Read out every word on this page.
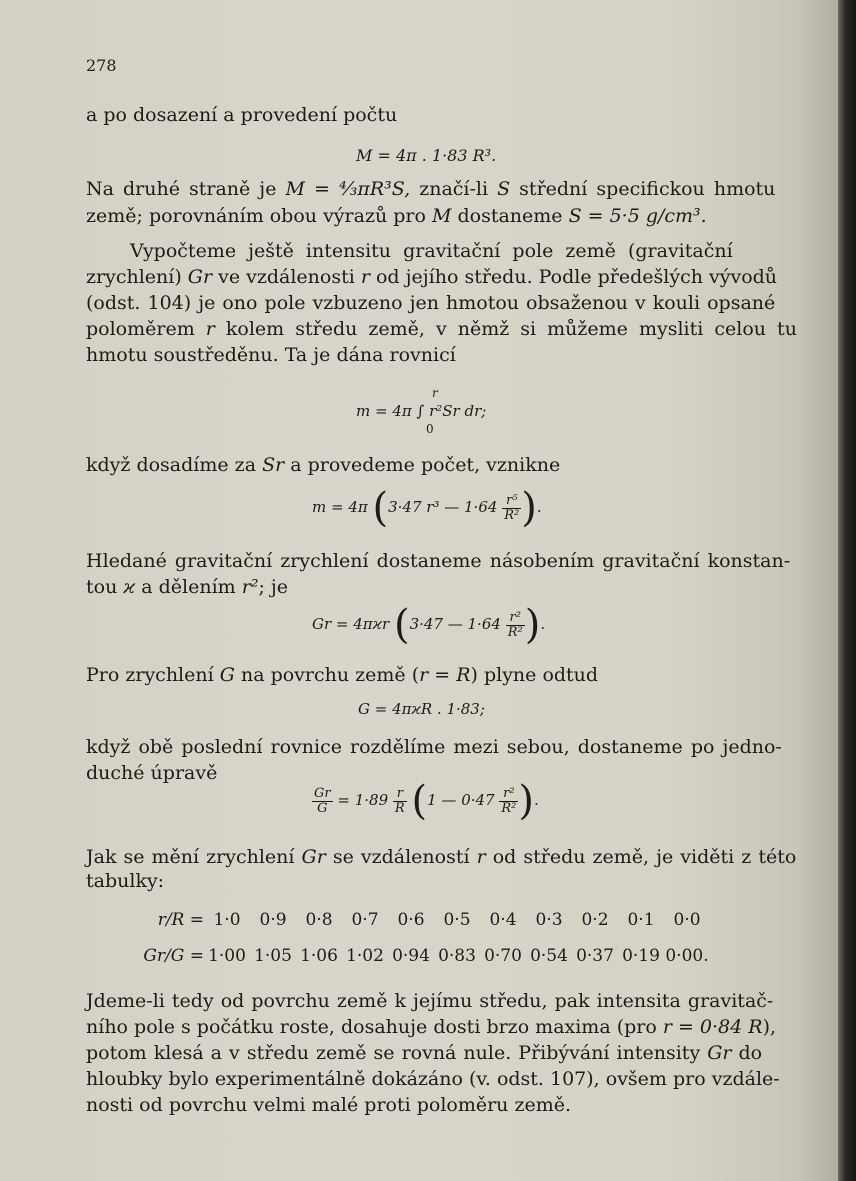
278
a po dosazení a provedení počtu
M = 4π . 1·83 R³.
Na druhé straně je M = ⁴⁄₃πR³S, značí-li S střední specifickou hmotu
země; porovnáním obou výrazů pro M dostaneme S = 5·5 g/cm³.
Vypočteme ještě intensitu gravitační pole země (gravitační
zrychlení) Gr ve vzdálenosti r od jejího středu. Podle předešlých vývodů
(odst. 104) je ono pole vzbuzeno jen hmotou obsaženou v kouli opsané
poloměrem r kolem středu země, v němž si můžeme mysliti celou tu
hmotu soustředěnu. Ta je dána rovnicí
r
m = 4π ∫ r²Sr dr;
0
když dosadíme za Sr a provedeme počet, vznikne
m = 4π (3·47 r³ — $1\cdot 64 \frac{\text{r⁵}}{\text{R²}}$ ).
Hledané gravitační zrychlení dostaneme násobením gravitační konstan-
tou ϰ a dělením r²; je
Gr = 4πϰr (3·47 — $1\cdot 64 \frac{\text{r²}}{\text{R²}}$ ).
Pro zrychlení G na povrchu země (r = R) plyne odtud
G = 4πϰR . 1·83;
když obě poslední rovnice rozdělíme mezi sebou, dostaneme po jedno-
duché úpravě
$\frac{Gr}{G} = 1\cdot 89 \frac{r}{R} (1$ — $0\cdot 47 \frac{\text{r²}}{\text{R²}}$ ).
Jak se mění zrychlení Gr se vzdáleností r od středu země, je viděti z této
tabulky:
r/R = 1·0	0·9	0·8	0·7	0·6	0·5	0·4	0·3	0·2	0·1	0·0
Gr/G = 1·00 1·05 1·06 1·02 0·94 0·83 0·70 0·54 0·37 0·19 0·00.
Jdeme-li tedy od povrchu země k jejímu středu, pak intensita gravitač-
ního pole s počátku roste, dosahuje dosti brzo maxima (pro r = 0·84 R),
potom klesá a v středu země se rovná nule. Přibývání intensity Gr do
hloubky bylo experimentálně dokázáno (v. odst. 107), ovšem pro vzdále-
nosti od povrchu velmi malé proti poloměru země.
